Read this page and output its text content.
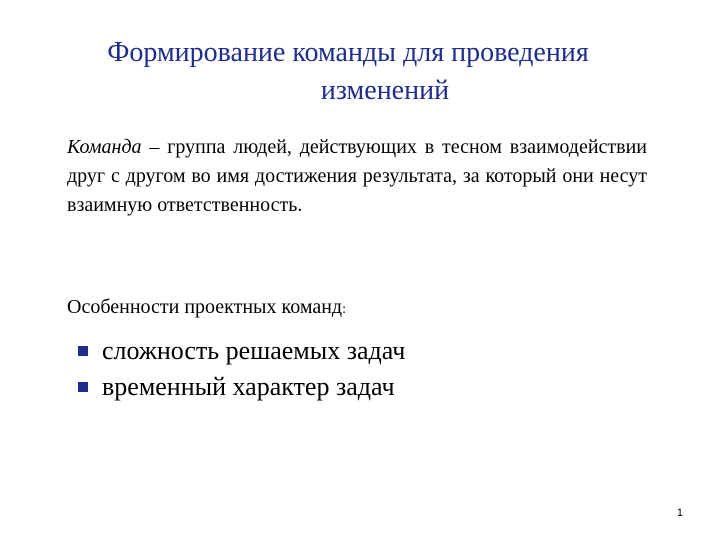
Формирование команды для проведения
изменений
Команда – группа людей, действующих в тесном взаимодействии друг с другом во имя достижения результата, за который они несут взаимную ответственность.
Особенности проектных команд:
сложность решаемых задач
временный характер задач
1
